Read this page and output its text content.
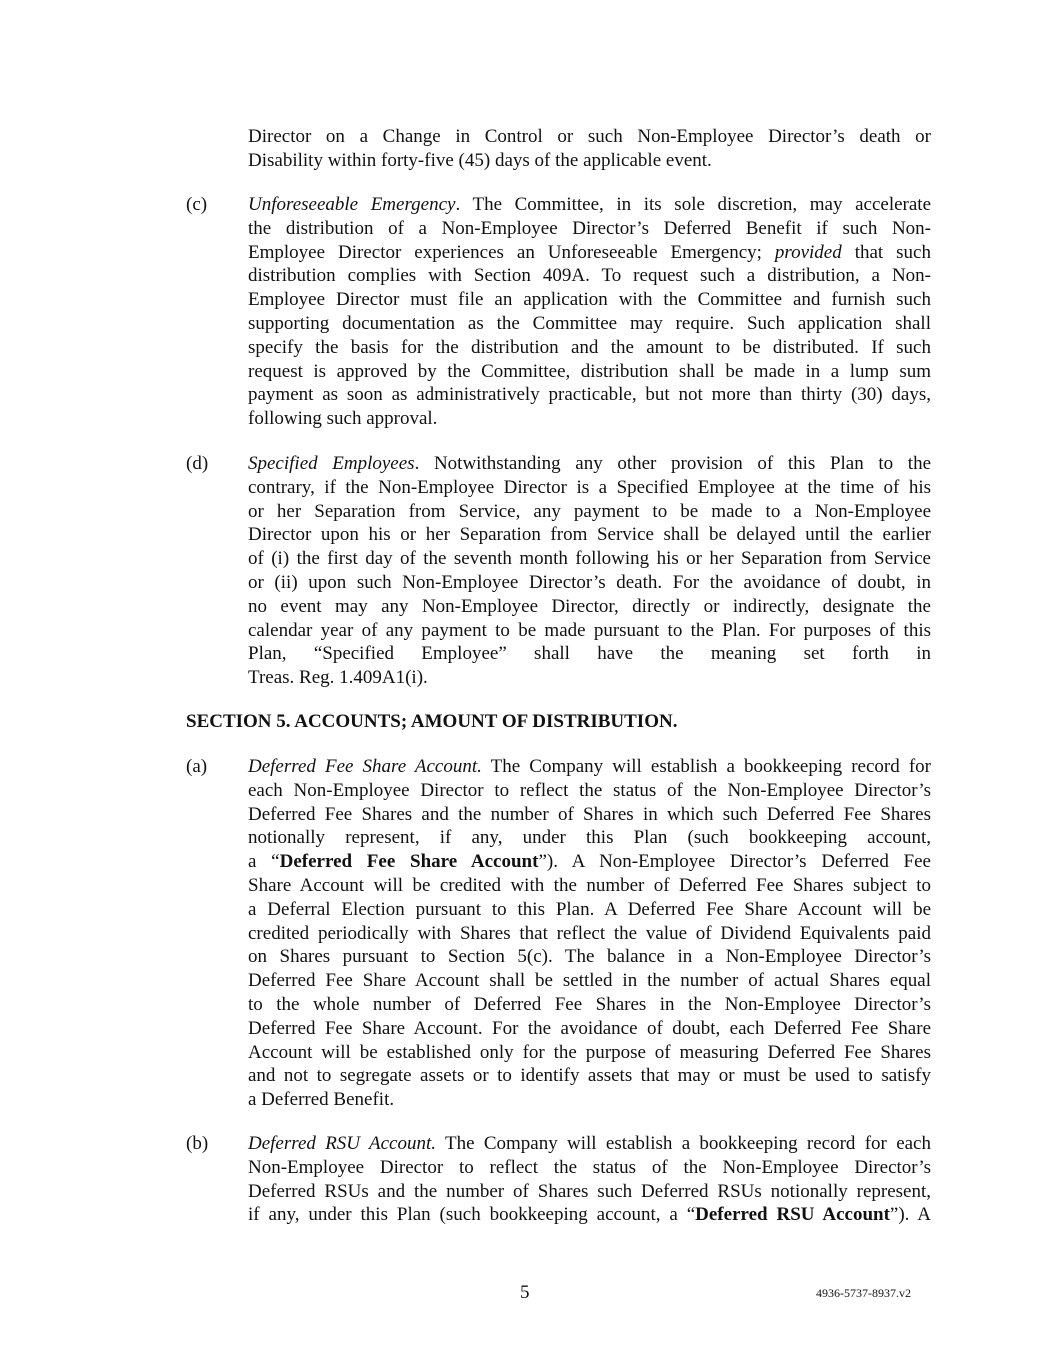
Director on a Change in Control or such Non-Employee Director’s death or
Disability within forty-five (45) days of the applicable event.
(c) Unforeseeable Emergency. The Committee, in its sole discretion, may accelerate
the distribution of a Non-Employee Director’s Deferred Benefit if such Non-
Employee Director experiences an Unforeseeable Emergency; provided that such
distribution complies with Section 409A. To request such a distribution, a Non-
Employee Director must file an application with the Committee and furnish such
supporting documentation as the Committee may require. Such application shall
specify the basis for the distribution and the amount to be distributed. If such
request is approved by the Committee, distribution shall be made in a lump sum
payment as soon as administratively practicable, but not more than thirty (30) days,
following such approval.
(d) Specified Employees. Notwithstanding any other provision of this Plan to the
contrary, if the Non-Employee Director is a Specified Employee at the time of his
or her Separation from Service, any payment to be made to a Non-Employee
Director upon his or her Separation from Service shall be delayed until the earlier
of (i) the first day of the seventh month following his or her Separation from Service
or (ii) upon such Non-Employee Director’s death. For the avoidance of doubt, in
no event may any Non-Employee Director, directly or indirectly, designate the
calendar year of any payment to be made pursuant to the Plan. For purposes of this
Plan, “Specified Employee” shall have the meaning set forth in
Treas. Reg. 1.409A1(i).
SECTION 5. ACCOUNTS; AMOUNT OF DISTRIBUTION.
(a) Deferred Fee Share Account. The Company will establish a bookkeeping record for
each Non-Employee Director to reflect the status of the Non-Employee Director’s
Deferred Fee Shares and the number of Shares in which such Deferred Fee Shares
notionally represent, if any, under this Plan (such bookkeeping account,
a “Deferred Fee Share Account”). A Non-Employee Director’s Deferred Fee
Share Account will be credited with the number of Deferred Fee Shares subject to
a Deferral Election pursuant to this Plan. A Deferred Fee Share Account will be
credited periodically with Shares that reflect the value of Dividend Equivalents paid
on Shares pursuant to Section 5(c). The balance in a Non-Employee Director’s
Deferred Fee Share Account shall be settled in the number of actual Shares equal
to the whole number of Deferred Fee Shares in the Non-Employee Director’s
Deferred Fee Share Account. For the avoidance of doubt, each Deferred Fee Share
Account will be established only for the purpose of measuring Deferred Fee Shares
and not to segregate assets or to identify assets that may or must be used to satisfy
a Deferred Benefit.
(b) Deferred RSU Account. The Company will establish a bookkeeping record for each
Non-Employee Director to reflect the status of the Non-Employee Director’s
Deferred RSUs and the number of Shares such Deferred RSUs notionally represent,
if any, under this Plan (such bookkeeping account, a “Deferred RSU Account”). A
5	4936-5737-8937.v2
